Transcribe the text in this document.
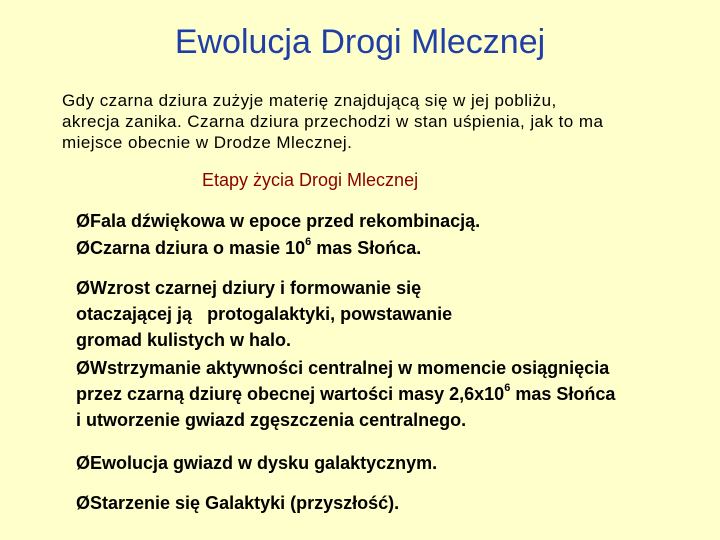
Ewolucja Drogi Mlecznej
Gdy czarna dziura zużyje materię znajdującą się w jej pobliżu,
akrecja zanika. Czarna dziura przechodzi w stan uśpienia, jak to ma
miejsce obecnie w Drodze Mlecznej.
Etapy życia Drogi Mlecznej
ØFala dźwiękowa w epoce przed rekombinacją.
ØCzarna dziura o masie $10^6$ mas Słońca.
ØWzrost czarnej dziury i formowanie się
otaczającej ją   protogalaktyki, powstawanie
gromad kulistych w halo.
ØWstrzymanie aktywności centralnej w momencie osiągnięcia
przez czarną dziurę obecnej wartości masy $2,6x10^6$ mas Słońca
i utworzenie gwiazd zgęszczenia centralnego.
ØEwolucja gwiazd w dysku galaktycznym.
ØStarzenie się Galaktyki (przyszłość).
